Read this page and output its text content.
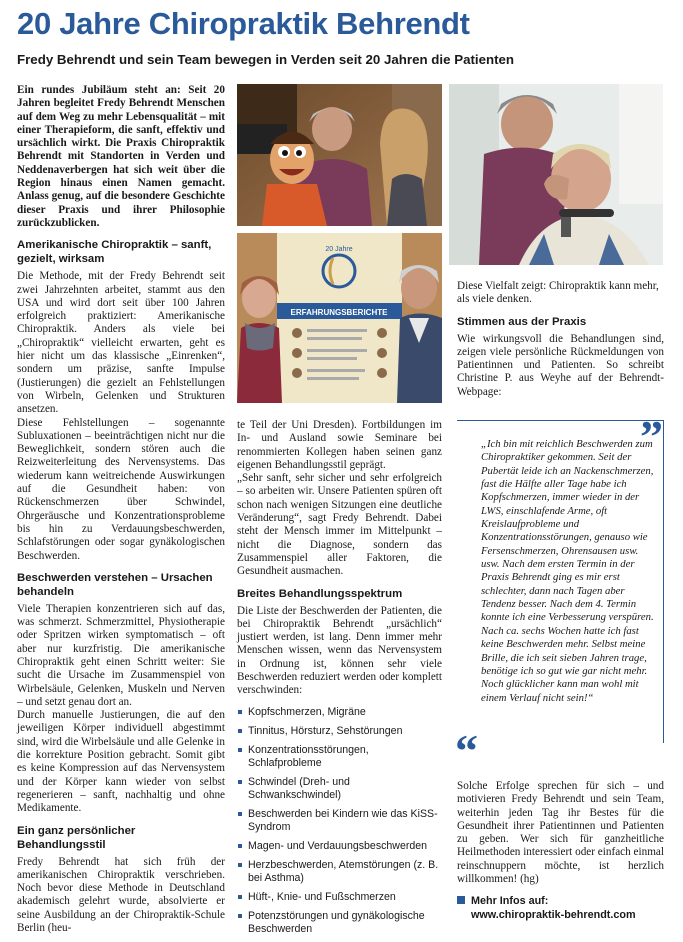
20 Jahre Chiropraktik Behrendt
Fredy Behrendt und sein Team bewegen in Verden seit 20 Jahren die Patienten

Ein rundes Jubiläum steht an: Seit 20 Jahren begleitet Fredy Behrendt Menschen auf dem Weg zu mehr Lebensqualität – mit einer Therapieform, die sanft, effektiv und ursächlich wirkt. Die Praxis Chiropraktik Behrendt mit Standorten in Verden und Neddenaverbergen hat sich weit über die Region hinaus einen Namen gemacht. Anlass genug, auf die besondere Geschichte dieser Praxis und ihrer Philosophie zurückzublicken.

Amerikanische Chiropraktik – sanft, gezielt, wirksam

Die Methode, mit der Fredy Behrendt seit zwei Jahrzehnten arbeitet, stammt aus den USA und wird dort seit über 100 Jahren erfolgreich praktiziert: Amerikanische Chiropraktik. Anders als viele bei „Chiropraktik“ vielleicht erwarten, geht es hier nicht um das klassische „Einrenken“, sondern um präzise, sanfte Impulse (Justierungen) die gezielt an Fehlstellungen von Wirbeln, Gelenken und Strukturen ansetzen.

Diese Fehlstellungen – sogenannte Subluxationen – beeinträchtigen nicht nur die Beweglichkeit, sondern stören auch die Reizweiterleitung des Nervensystems. Das wiederum kann weitreichende Auswirkungen auf die Gesundheit haben: von Rückenschmerzen über Schwindel, Ohrgeräusche und Konzentrationsprobleme bis hin zu Verdauungsbeschwerden, Schlafstörungen oder sogar gynäkologischen Beschwerden.

Beschwerden verstehen – Ursachen behandeln

Viele Therapien konzentrieren sich auf das, was schmerzt. Schmerzmittel, Physiotherapie oder Spritzen wirken symptomatisch – oft aber nur kurzfristig. Die amerikanische Chiropraktik geht einen Schritt weiter: Sie sucht die Ursache im Zusammenspiel von Wirbelsäule, Gelenken, Muskeln und Nerven – und setzt genau dort an.

Durch manuelle Justierungen, die auf den jeweiligen Körper individuell abgestimmt sind, wird die Wirbelsäule und alle Gelenke in die korrekture Position gebracht. Somit gibt es keine Kompression auf das Nervensystem und der Körper kann wieder von selbst regenerieren – sanft, nachhaltig und ohne Medikamente.

Ein ganz persönlicher Behandlungsstil

Fredy Behrendt hat sich früh der amerikanischen Chiropraktik verschrieben. Noch bevor diese Methode in Deutschland akademisch gelehrt wurde, absolvierte er seine Ausbildung an der Chiropraktik-Schule Berlin (heu-

20 Jahre
ERFAHRUNGSBERICHTE

te Teil der Uni Dresden). Fortbildungen im In- und Ausland sowie Seminare bei renommierten Kollegen haben seinen ganz eigenen Behandlungsstil geprägt.

„Sehr sanft, sehr sicher und sehr erfolgreich – so arbeiten wir. Unsere Patienten spüren oft schon nach wenigen Sitzungen eine deutliche Veränderung“, sagt Fredy Behrendt. Dabei steht der Mensch immer im Mittelpunkt – nicht die Diagnose, sondern das Zusammenspiel aller Faktoren, die Gesundheit ausmachen.

Breites Behandlungsspektrum

Die Liste der Beschwerden der Patienten, die bei Chiropraktik Behrendt „ursächlich“ justiert werden, ist lang. Denn immer mehr Menschen wissen, wenn das Nervensystem in Ordnung ist, können sehr viele Beschwerden reduziert werden oder komplett verschwinden:

Kopfschmerzen, Migräne
Tinnitus, Hörsturz, Sehstörungen
Konzentrationsstörungen, Schlafprobleme
Schwindel (Dreh- und Schwankschwindel)
Beschwerden bei Kindern wie das KiSS-Syndrom
Magen- und Verdauungsbeschwerden
Herzbeschwerden, Atemstörungen (z. B. bei Asthma)
Hüft-, Knie- und Fußschmerzen
Potenzstörungen und gynäkologische Beschwerden

Diese Vielfalt zeigt: Chiropraktik kann mehr, als viele denken.

Stimmen aus der Praxis

Wie wirkungsvoll die Behandlungen sind, zeigen viele persönliche Rückmeldungen von Patientinnen und Patienten. So schreibt Christine P. aus Weyhe auf der Behrendt-Webpage:

”
“

„Ich bin mit reichlich Beschwerden zum Chiropraktiker gekommen. Seit der Pubertät leide ich an Nackenschmerzen, fast die Hälfte aller Tage habe ich Kopfschmerzen, immer wieder in der LWS, einschlafende Arme, oft Kreislaufprobleme und Konzentrationsstörungen, genauso wie Fersenschmerzen, Ohrensausen usw. usw. Nach dem ersten Termin in der Praxis Behrendt ging es mir erst schlechter, dann nach Tagen aber Tendenz besser. Nach dem 4. Termin konnte ich eine Verbesserung verspüren. Nach ca. sechs Wochen hatte ich fast keine Beschwerden mehr. Selbst meine Brille, die ich seit sieben Jahren trage, benötige ich so gut wie gar nicht mehr. Noch glücklicher kann man wohl mit einem Verlauf nicht sein!“

Solche Erfolge sprechen für sich – und motivieren Fredy Behrendt und sein Team, weiterhin jeden Tag ihr Bestes für die Gesundheit ihrer Patientinnen und Patienten zu geben. Wer sich für ganzheitliche Heilmethoden interessiert oder einfach einmal reinschnuppern möchte, ist herzlich willkommen! (hg)

Mehr Infos auf:
www.chiropraktik-behrendt.com
